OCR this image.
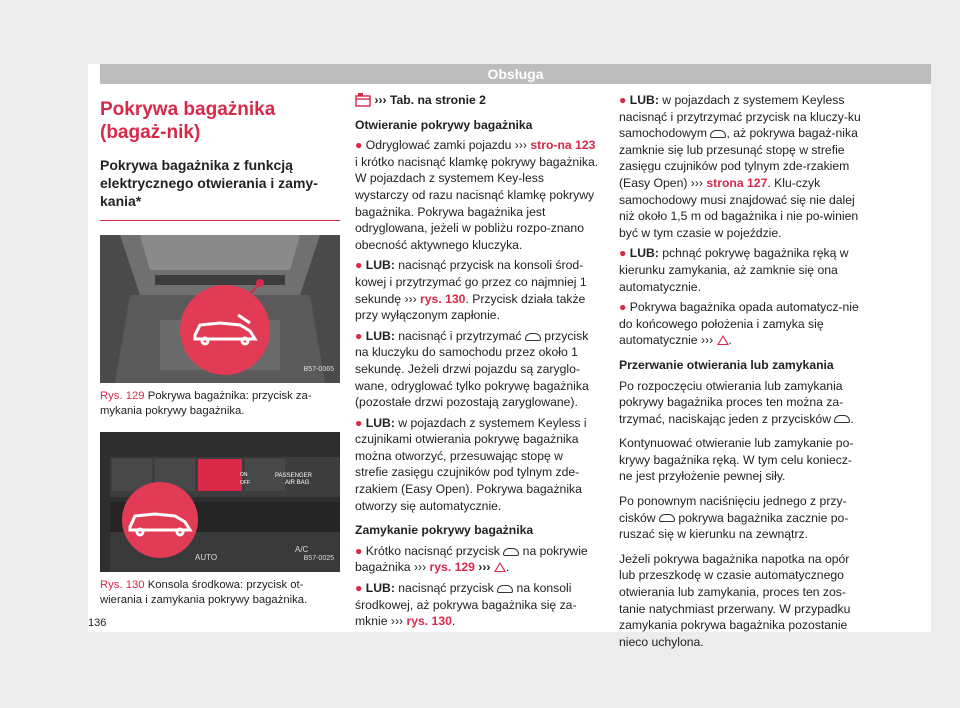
Obsługa
Pokrywa bagażnika (bagaż-nik)
Pokrywa bagażnika z funkcją elektrycznego otwierania i zamy-kania*
B57-0065
Rys. 129 Pokrywa bagażnika: przycisk za-mykania pokrywy bagażnika.
PASSENGER
AIR BAG
OFF
ON
AUTO
A/C
B57-0025
Rys. 130 Konsola środkowa: przycisk ot-wierania i zamykania pokrywy bagażnika.

››› Tab. na stronie 2

Otwieranie pokrywy bagażnika

● Odryglować zamki pojazdu ››› stro-na 123 i krótko nacisnąć klamkę pokrywy bagażnika. W pojazdach z systemem Key-less wystarczy od razu nacisnąć klamkę pokrywy bagażnika. Pokrywa bagażnika jest odryglowana, jeżeli w pobliżu rozpo-znano obecność aktywnego kluczyka.

● LUB: nacisnąć przycisk na konsoli środ-kowej i przytrzymać go przez co najmniej 1 sekundę ››› rys. 130. Przycisk działa także przy wyłączonym zapłonie.

● LUB: nacisnąć i przytrzymać  przycisk na kluczyku do samochodu przez około 1 sekundę. Jeżeli drzwi pojazdu są zaryglo-wane, odryglować tylko pokrywę bagażnika (pozostałe drzwi pozostają zaryglowane).

● LUB: w pojazdach z systemem Keyless i czujnikami otwierania pokrywę bagażnika można otworzyć, przesuwając stopę w strefie zasięgu czujników pod tylnym zde-rzakiem (Easy Open). Pokrywa bagażnika otworzy się automatycznie.

Zamykanie pokrywy bagażnika

● Krótko nacisnąć przycisk  na pokrywie bagażnika ››› rys. 129 ››› .

● LUB: nacisnąć przycisk  na konsoli środkowej, aż pokrywa bagażnika się za-mknie ››› rys. 130.

● LUB: w pojazdach z systemem Keyless nacisnąć i przytrzymać przycisk na kluczy-ku samochodowym , aż pokrywa bagaż-nika zamknie się lub przesunąć stopę w strefie zasięgu czujników pod tylnym zde-rzakiem (Easy Open) ››› strona 127. Klu-czyk samochodowy musi znajdować się nie dalej niż około 1,5 m od bagażnika i nie po-winien być w tym czasie w pojeździe.

● LUB: pchnąć pokrywę bagażnika ręką w kierunku zamykania, aż zamknie się ona automatycznie.

● Pokrywa bagażnika opada automatycz-nie do końcowego położenia i zamyka się automatycznie ››› .

Przerwanie otwierania lub zamykania

Po rozpoczęciu otwierania lub zamykania pokrywy bagażnika proces ten można za-trzymać, naciskając jeden z przycisków .

Kontynuować otwieranie lub zamykanie po-krywy bagażnika ręką. W tym celu koniecz-ne jest przyłożenie pewnej siły.

Po ponownym naciśnięciu jednego z przy-cisków  pokrywa bagażnika zacznie po-ruszać się w kierunku na zewnątrz.

Jeżeli pokrywa bagażnika napotka na opór lub przeszkodę w czasie automatycznego otwierania lub zamykania, proces ten zos-tanie natychmiast przerwany. W przypadku zamykania pokrywa bagażnika pozostanie nieco uchylona.

136
